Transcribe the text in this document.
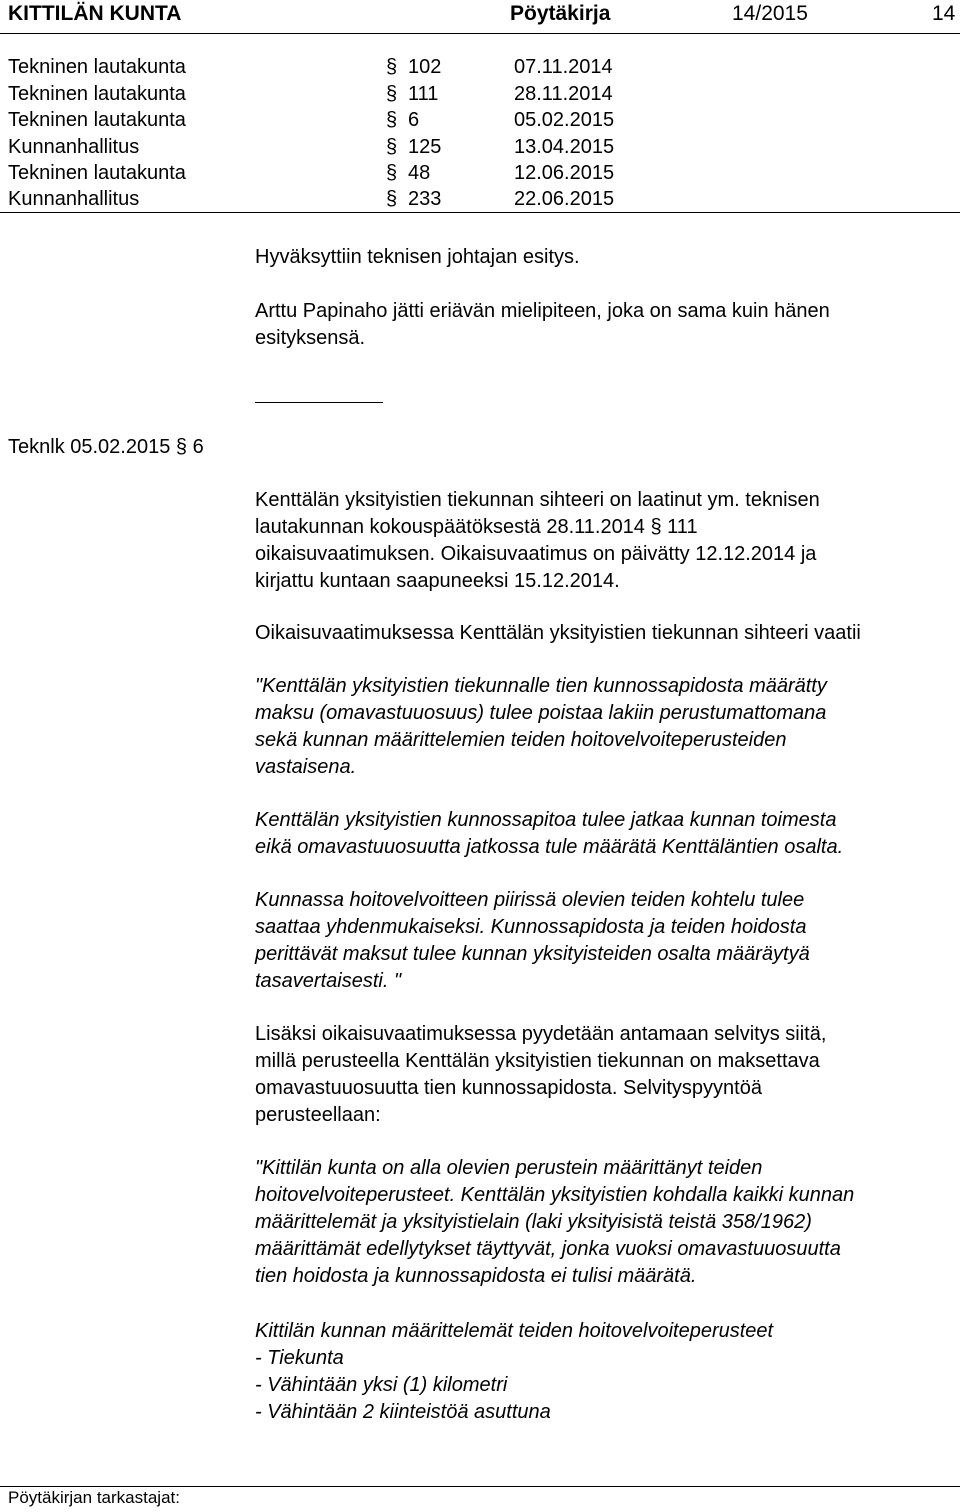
KITTILÄN KUNTA	Pöytäkirja	14/2015	14
Tekninen lautakunta	§ 102	07.11.2014
Tekninen lautakunta	§ 111	28.11.2014
Tekninen lautakunta	§ 6	05.02.2015
Kunnanhallitus	§ 125	13.04.2015
Tekninen lautakunta	§ 48	12.06.2015
Kunnanhallitus	§ 233	22.06.2015
Hyväksyttiin teknisen johtajan esitys.
Arttu Papinaho jätti eriävän mielipiteen, joka on sama kuin hänen
esityksensä.
Teknlk 05.02.2015 § 6
Kenttälän yksityistien tiekunnan sihteeri on laatinut ym. teknisen
lautakunnan kokouspäätöksestä 28.11.2014 § 111
oikaisuvaatimuksen. Oikaisuvaatimus on päivätty 12.12.2014 ja
kirjattu kuntaan saapuneeksi 15.12.2014.
Oikaisuvaatimuksessa Kenttälän yksityistien tiekunnan sihteeri vaatii
"Kenttälän yksityistien tiekunnalle tien kunnossapidosta määrätty
maksu (omavastuuosuus) tulee poistaa lakiin perustumattomana
sekä kunnan määrittelemien teiden hoitovelvoiteperusteiden
vastaisena.
Kenttälän yksityistien kunnossapitoa tulee jatkaa kunnan toimesta
eikä omavastuuosuutta jatkossa tule määrätä Kenttäläntien osalta.
Kunnassa hoitovelvoitteen piirissä olevien teiden kohtelu tulee
saattaa yhdenmukaiseksi. Kunnossapidosta ja teiden hoidosta
perittävät maksut tulee kunnan yksityisteiden osalta määräytyä
tasavertaisesti. "
Lisäksi oikaisuvaatimuksessa pyydetään antamaan selvitys siitä,
millä perusteella Kenttälän yksityistien tiekunnan on maksettava
omavastuuosuutta tien kunnossapidosta. Selvityspyyntöä
perusteellaan:
"Kittilän kunta on alla olevien perustein määrittänyt teiden
hoitovelvoiteperusteet. Kenttälän yksityistien kohdalla kaikki kunnan
määrittelemät ja yksityistielain (laki yksityisistä teistä 358/1962)
määrittämät edellytykset täyttyvät, jonka vuoksi omavastuuosuutta
tien hoidosta ja kunnossapidosta ei tulisi määrätä.
Kittilän kunnan määrittelemät teiden hoitovelvoiteperusteet
- Tiekunta
- Vähintään yksi (1) kilometri
- Vähintään 2 kiinteistöä asuttuna
Pöytäkirjan tarkastajat:
